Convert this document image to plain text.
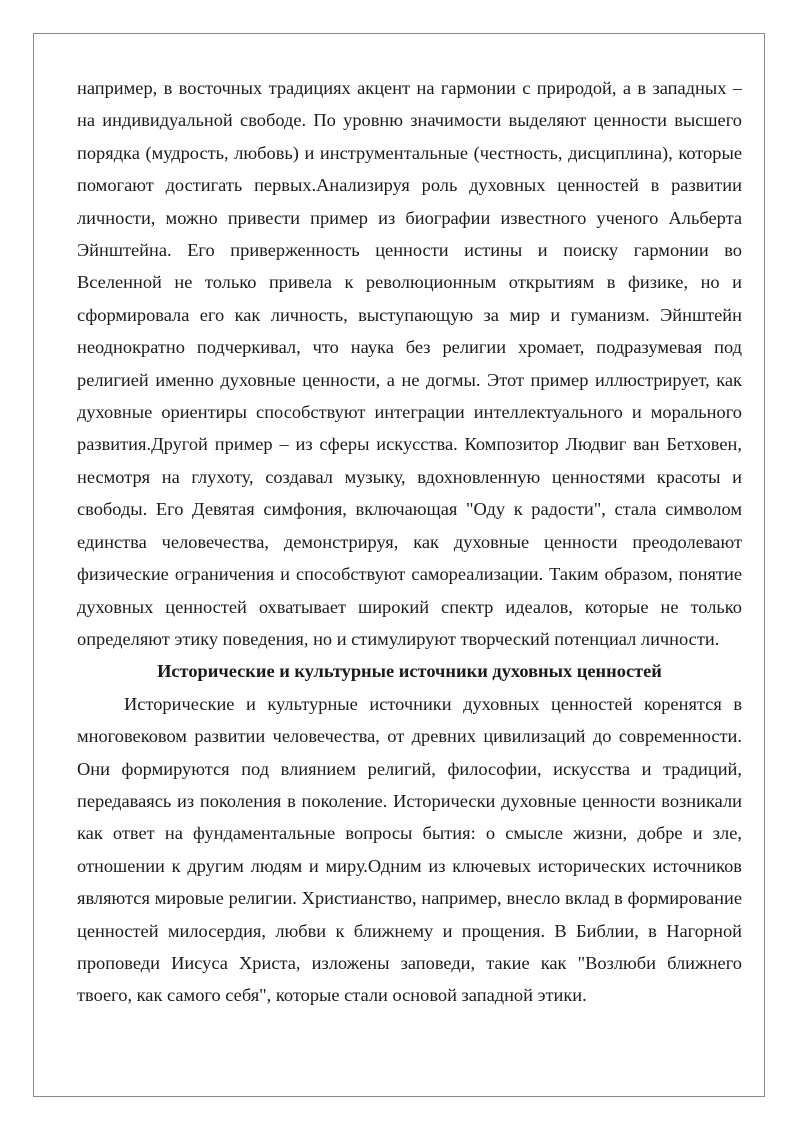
например, в восточных традициях акцент на гармонии с природой, а в западных – на индивидуальной свободе. По уровню значимости выделяют ценности высшего порядка (мудрость, любовь) и инструментальные (честность, дисциплина), которые помогают достигать первых.Анализируя роль духовных ценностей в развитии личности, можно привести пример из биографии известного ученого Альберта Эйнштейна. Его приверженность ценности истины и поиску гармонии во Вселенной не только привела к революционным открытиям в физике, но и сформировала его как личность, выступающую за мир и гуманизм. Эйнштейн неоднократно подчеркивал, что наука без религии хромает, подразумевая под религией именно духовные ценности, а не догмы. Этот пример иллюстрирует, как духовные ориентиры способствуют интеграции интеллектуального и морального развития.Другой пример – из сферы искусства. Композитор Людвиг ван Бетховен, несмотря на глухоту, создавал музыку, вдохновленную ценностями красоты и свободы. Его Девятая симфония, включающая "Оду к радости", стала символом единства человечества, демонстрируя, как духовные ценности преодолевают физические ограничения и способствуют самореализации. Таким образом, понятие духовных ценностей охватывает широкий спектр идеалов, которые не только определяют этику поведения, но и стимулируют творческий потенциал личности.

Исторические и культурные источники духовных ценностей

Исторические и культурные источники духовных ценностей коренятся в многовековом развитии человечества, от древних цивилизаций до современности. Они формируются под влиянием религий, философии, искусства и традиций, передаваясь из поколения в поколение. Исторически духовные ценности возникали как ответ на фундаментальные вопросы бытия: о смысле жизни, добре и зле, отношении к другим людям и миру.Одним из ключевых исторических источников являются мировые религии. Христианство, например, внесло вклад в формирование ценностей милосердия, любви к ближнему и прощения. В Библии, в Нагорной проповеди Иисуса Христа, изложены заповеди, такие как "Возлюби ближнего твоего, как самого себя", которые стали основой западной этики.
